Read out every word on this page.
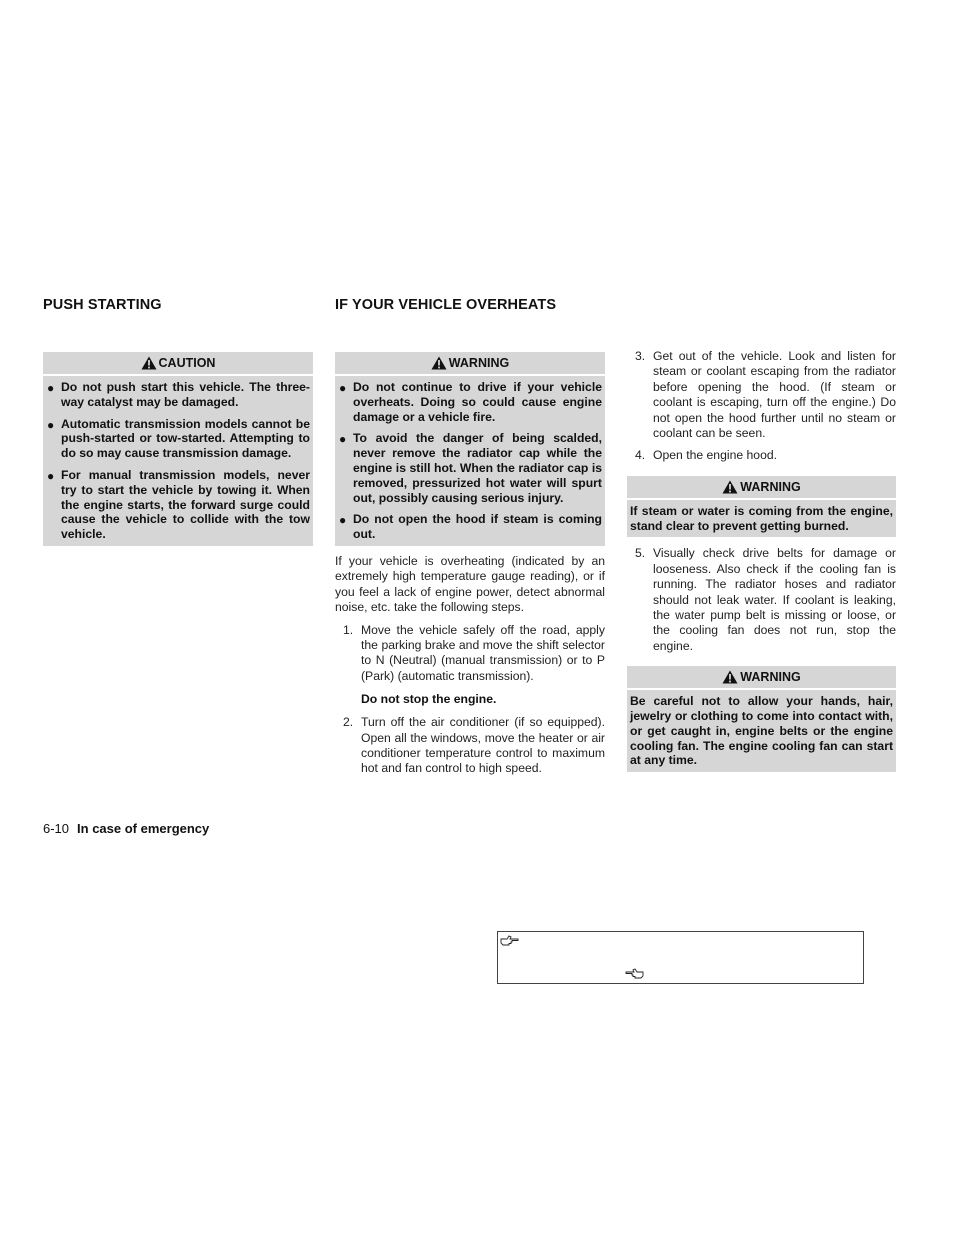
PUSH STARTING	IF YOUR VEHICLE OVERHEATS
CAUTION
● Do not push start this vehicle. The three-way catalyst may be damaged.
● Automatic transmission models cannot be push-started or tow-started. Attempting to do so may cause transmission damage.
● For manual transmission models, never try to start the vehicle by towing it. When the engine starts, the forward surge could cause the vehicle to collide with the tow vehicle.
WARNING
● Do not continue to drive if your vehicle overheats. Doing so could cause engine damage or a vehicle fire.
● To avoid the danger of being scalded, never remove the radiator cap while the engine is still hot. When the radiator cap is removed, pressurized hot water will spurt out, possibly causing serious injury.
● Do not open the hood if steam is coming out.

If your vehicle is overheating (indicated by an extremely high temperature gauge reading), or if you feel a lack of engine power, detect abnormal noise, etc. take the following steps.

1. Move the vehicle safely off the road, apply the parking brake and move the shift selector to N (Neutral) (manual transmission) or to P (Park) (automatic transmission).

Do not stop the engine.

2. Turn off the air conditioner (if so equipped). Open all the windows, move the heater or air conditioner temperature control to maximum hot and fan control to high speed.
3. Get out of the vehicle. Look and listen for steam or coolant escaping from the radiator before opening the hood. (If steam or coolant is escaping, turn off the engine.) Do not open the hood further until no steam or coolant can be seen.
4. Open the engine hood.
WARNING
If steam or water is coming from the engine, stand clear to prevent getting burned.
5. Visually check drive belts for damage or looseness. Also check if the cooling fan is running. The radiator hoses and radiator should not leak water. If coolant is leaking, the water pump belt is missing or loose, or the cooling fan does not run, stop the engine.
WARNING
Be careful not to allow your hands, hair, jewelry or clothing to come into contact with, or get caught in, engine belts or the engine cooling fan. The engine cooling fan can start at any time.
6-10 In case of emergency
